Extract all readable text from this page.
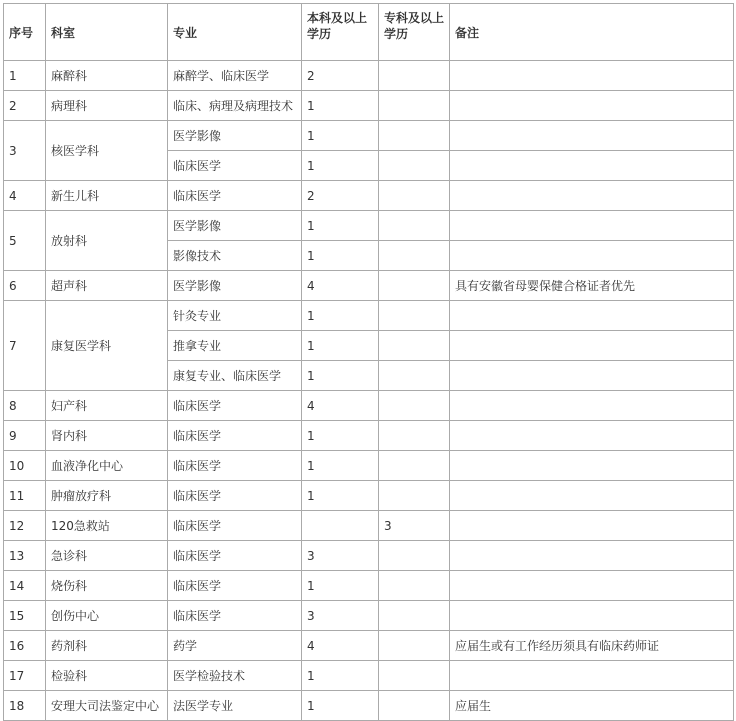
序号	科室	专业	本科及以上学历	专科及以上学历	备注
1	麻醉科	麻醉学、临床医学	2		
2	病理科	临床、病理及病理技术	1		
3	核医学科	医学影像	1		
		临床医学	1		
4	新生儿科	临床医学	2		
5	放射科	医学影像	1		
		影像技术	1		
6	超声科	医学影像	4		具有安徽省母婴保健合格证者优先
7	康复医学科	针灸专业	1		
		推拿专业	1		
		康复专业、临床医学	1		
8	妇产科	临床医学	4		
9	肾内科	临床医学	1		
10	血液净化中心	临床医学	1		
11	肿瘤放疗科	临床医学	1		
12	120急救站	临床医学		3	
13	急诊科	临床医学	3		
14	烧伤科	临床医学	1		
15	创伤中心	临床医学	3		
16	药剂科	药学	4		应届生或有工作经历须具有临床药师证
17	检验科	医学检验技术	1		
18	安理大司法鉴定中心	法医学专业	1		应届生
